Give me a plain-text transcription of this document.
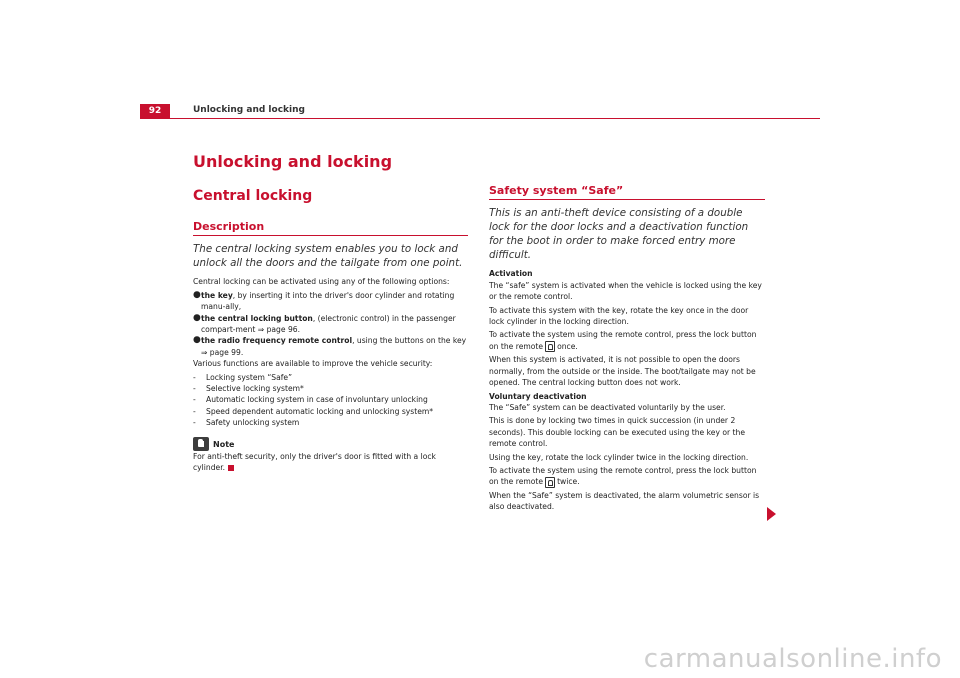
92	Unlocking and locking
Unlocking and locking
Central locking
Description
The central locking system enables you to lock and unlock all the doors and the tailgate from one point.

Central locking can be activated using any of the following options:

● the key, by inserting it into the driver's door cylinder and rotating manu-ally,
● the central locking button, (electronic control) in the passenger compart-ment ⇒ page 96.
● the radio frequency remote control, using the buttons on the key ⇒ page 99.

Various functions are available to improve the vehicle security:

-	Locking system “Safe”
-	Selective locking system*
-	Automatic locking system in case of involuntary unlocking
-	Speed dependent automatic locking and unlocking system*
-	Safety unlocking system
Note

For anti-theft security, only the driver's door is fitted with a lock cylinder.

Safety system “Safe”
This is an anti-theft device consisting of a double lock for the door locks and a deactivation function for the boot in order to make forced entry more difficult.

Activation

The “safe” system is activated when the vehicle is locked using the key or the remote control.

To activate this system with the key, rotate the key once in the door lock cylinder in the locking direction.

To activate the system using the remote control, press the lock button on the remote once.

When this system is activated, it is not possible to open the doors normally, from the outside or the inside. The boot/tailgate may not be opened. The central locking button does not work.

Voluntary deactivation

The “Safe” system can be deactivated voluntarily by the user.

This is done by locking two times in quick succession (in under 2 seconds). This double locking can be executed using the key or the remote control.

Using the key, rotate the lock cylinder twice in the locking direction.

To activate the system using the remote control, press the lock button on the remote twice.

When the “Safe” system is deactivated, the alarm volumetric sensor is also deactivated.

carmanualsonline.info
